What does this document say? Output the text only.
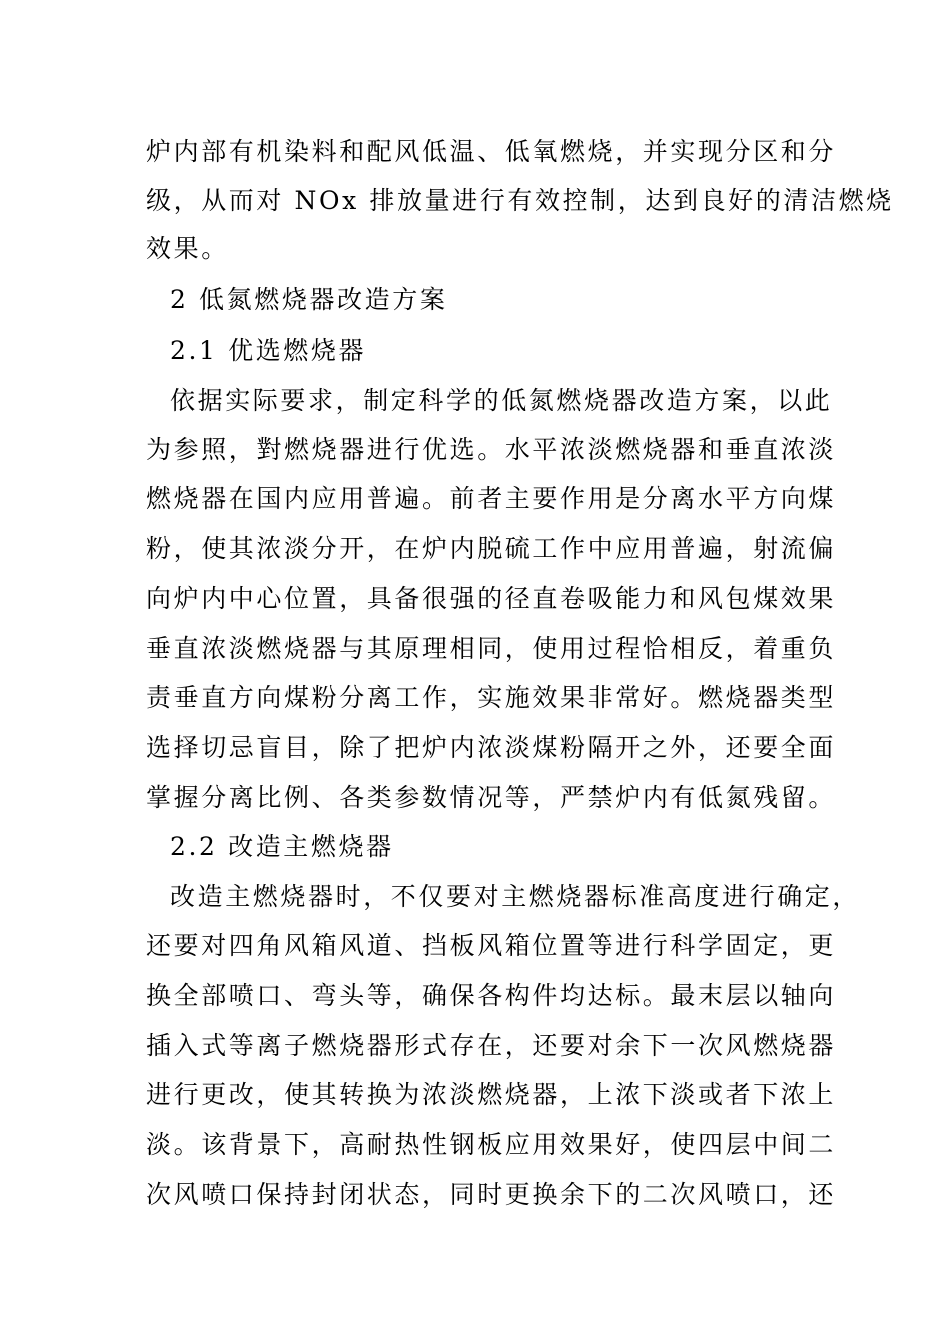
炉内部有机染料和配风低温、低氧燃烧，并实现分区和分
级，从而对 NOx 排放量进行有效控制，达到良好的清洁燃烧
效果。
2 低氮燃烧器改造方案
2.1 优选燃烧器
依据实际要求，制定科学的低氮燃烧器改造方案，以此
为参照，對燃烧器进行优选。水平浓淡燃烧器和垂直浓淡
燃烧器在国内应用普遍。前者主要作用是分离水平方向煤
粉，使其浓淡分开，在炉内脱硫工作中应用普遍，射流偏
向炉内中心位置，具备很强的径直卷吸能力和风包煤效果
垂直浓淡燃烧器与其原理相同，使用过程恰相反，着重负
责垂直方向煤粉分离工作，实施效果非常好。燃烧器类型
选择切忌盲目，除了把炉内浓淡煤粉隔开之外，还要全面
掌握分离比例、各类参数情况等，严禁炉内有低氮残留。
2.2 改造主燃烧器
改造主燃烧器时，不仅要对主燃烧器标准高度进行确定，
还要对四角风箱风道、挡板风箱位置等进行科学固定，更
换全部喷口、弯头等，确保各构件均达标。最末层以轴向
插入式等离子燃烧器形式存在，还要对余下一次风燃烧器
进行更改，使其转换为浓淡燃烧器，上浓下淡或者下浓上
淡。该背景下，高耐热性钢板应用效果好，使四层中间二
次风喷口保持封闭状态，同时更换余下的二次风喷口，还
